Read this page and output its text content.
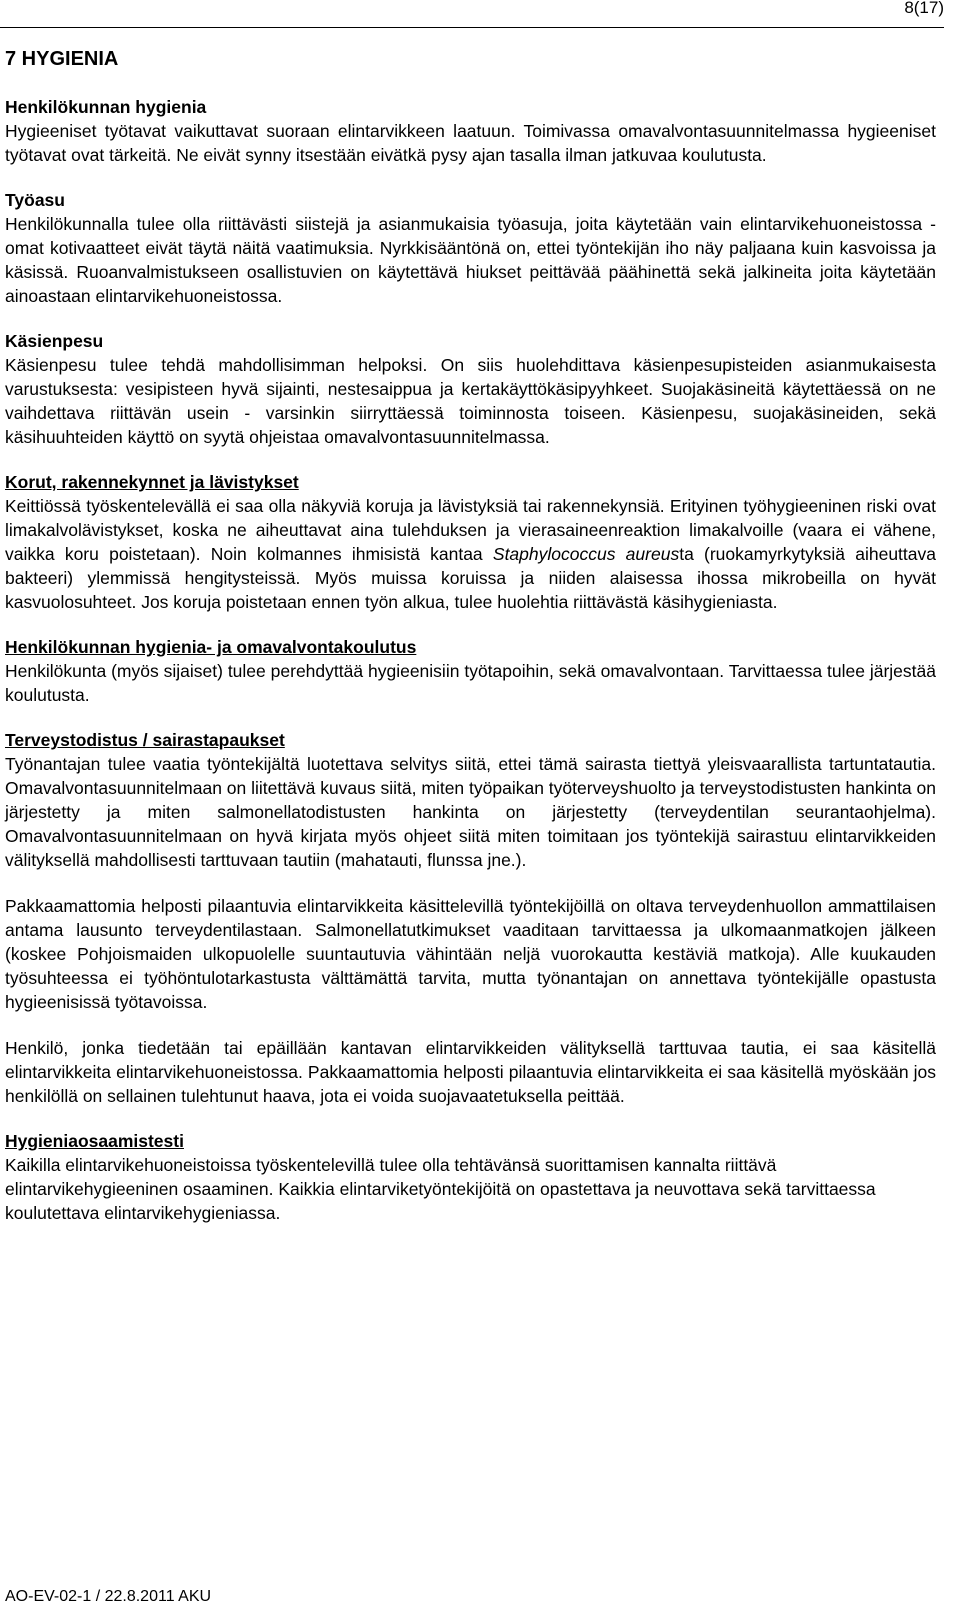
8(17)
7 HYGIENIA

Henkilökunnan hygienia

Hygieeniset työtavat vaikuttavat suoraan elintarvikkeen laatuun. Toimivassa omavalvontasuunnitelmassa hygieeniset työtavat ovat tärkeitä. Ne eivät synny itsestään eivätkä pysy ajan tasalla ilman jatkuvaa koulutusta.

Työasu

Henkilökunnalla tulee olla riittävästi siistejä ja asianmukaisia työasuja, joita käytetään vain elintarvikehuoneistossa - omat kotivaatteet eivät täytä näitä vaatimuksia. Nyrkkisääntönä on, ettei työntekijän iho näy paljaana kuin kasvoissa ja käsissä. Ruoanvalmistukseen osallistuvien on käytettävä hiukset peittävää päähinettä sekä jalkineita joita käytetään ainoastaan elintarvikehuoneistossa.

Käsienpesu

Käsienpesu tulee tehdä mahdollisimman helpoksi. On siis huolehdittava käsienpesupisteiden asianmukaisesta varustuksesta: vesipisteen hyvä sijainti, nestesaippua ja kertakäyttökäsipyyhkeet. Suojakäsineitä käytettäessä on ne vaihdettava riittävän usein - varsinkin siirryttäessä toiminnosta toiseen. Käsienpesu, suojakäsineiden, sekä käsihuuhteiden käyttö on syytä ohjeistaa omavalvontasuunnitelmassa.

Korut, rakennekynnet ja lävistykset

Keittiössä työskentelevällä ei saa olla näkyviä koruja ja lävistyksiä tai rakennekynsiä. Erityinen työhygieeninen riski ovat limakalvolävistykset, koska ne aiheuttavat aina tulehduksen ja vierasaineenreaktion limakalvoille (vaara ei vähene, vaikka koru poistetaan). Noin kolmannes ihmisistä kantaa Staphylococcus aureusta (ruokamyrkytyksiä aiheuttava bakteeri) ylemmissä hengitysteissä. Myös muissa koruissa ja niiden alaisessa ihossa mikrobeilla on hyvät kasvuolosuhteet. Jos koruja poistetaan ennen työn alkua, tulee huolehtia riittävästä käsihygieniasta.

Henkilökunnan hygienia- ja omavalvontakoulutus

Henkilökunta (myös sijaiset) tulee perehdyttää hygieenisiin työtapoihin, sekä omavalvontaan. Tarvittaessa tulee järjestää koulutusta.

Terveystodistus / sairastapaukset

Työnantajan tulee vaatia työntekijältä luotettava selvitys siitä, ettei tämä sairasta tiettyä yleisvaarallista tartuntatautia. Omavalvontasuunnitelmaan on liitettävä kuvaus siitä, miten työpaikan työterveyshuolto ja terveystodistusten hankinta on järjestetty ja miten salmonellatodistusten hankinta on järjestetty (terveydentilan seurantaohjelma). Omavalvontasuunnitelmaan on hyvä kirjata myös ohjeet siitä miten toimitaan jos työntekijä sairastuu elintarvikkeiden välityksellä mahdollisesti tarttuvaan tautiin (mahatauti, flunssa jne.).

Pakkaamattomia helposti pilaantuvia elintarvikkeita käsittelevillä työntekijöillä on oltava terveydenhuollon ammattilaisen antama lausunto terveydentilastaan. Salmonellatutkimukset vaaditaan tarvittaessa ja ulkomaanmatkojen jälkeen (koskee Pohjoismaiden ulkopuolelle suuntautuvia vähintään neljä vuorokautta kestäviä matkoja). Alle kuukauden työsuhteessa ei työhöntulotarkastusta välttämättä tarvita, mutta työnantajan on annettava työntekijälle opastusta hygieenisissä työtavoissa.

Henkilö, jonka tiedetään tai epäillään kantavan elintarvikkeiden välityksellä tarttuvaa tautia, ei saa käsitellä elintarvikkeita elintarvikehuoneistossa. Pakkaamattomia helposti pilaantuvia elintarvikkeita ei saa käsitellä myöskään jos henkilöllä on sellainen tulehtunut haava, jota ei voida suojavaatetuksella peittää.

Hygieniaosaamistesti

Kaikilla elintarvikehuoneistoissa työskentelevillä tulee olla tehtävänsä suorittamisen kannalta riittävä elintarvikehygieeninen osaaminen. Kaikkia elintarviketyöntekijöitä on opastettava ja neuvottava sekä tarvittaessa koulutettava elintarvikehygieniassa.

AO-EV-02-1 / 22.8.2011 AKU
